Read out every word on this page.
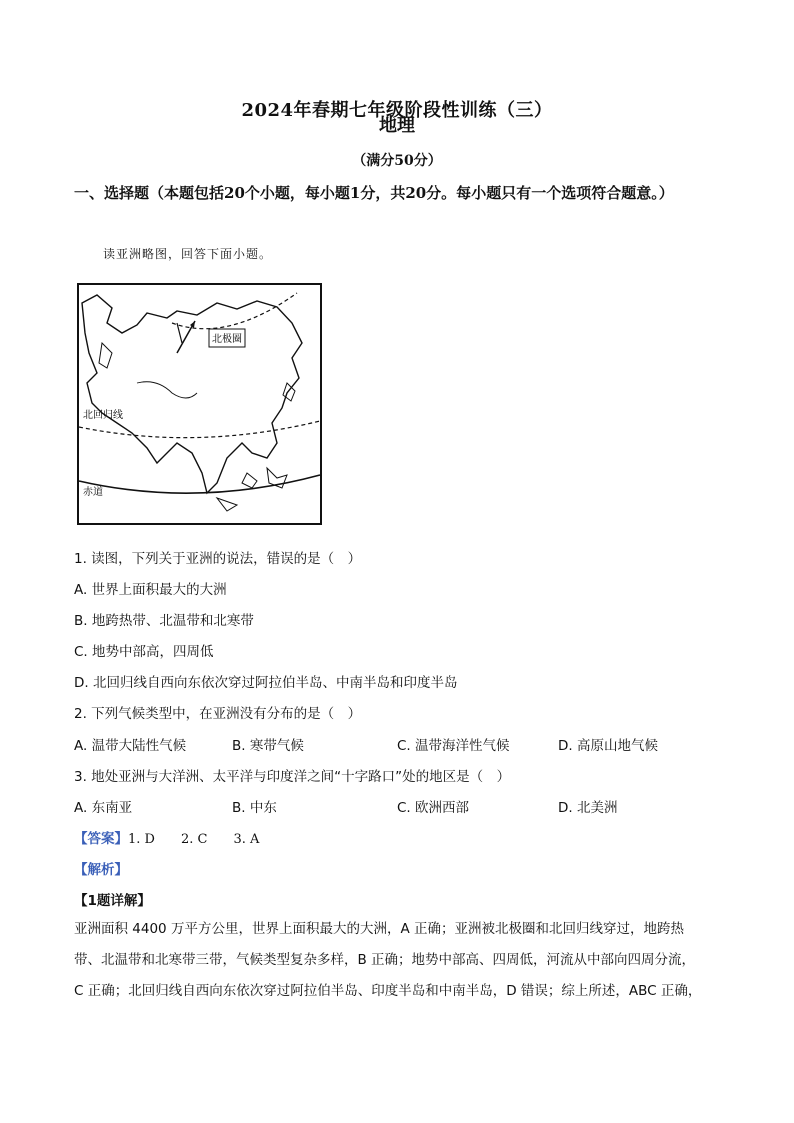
2024年春期七年级阶段性训练（三）
地理
（满分50分）
一、选择题（本题包括20个小题，每小题1分，共20分。每小题只有一个选项符合题意。）
读亚洲略图，回答下面小题。
北极圈
北回归线
赤道
1. 读图，下列关于亚洲的说法，错误的是（　）
A. 世界上面积最大的大洲
B. 地跨热带、北温带和北寒带
C. 地势中部高，四周低
D. 北回归线自西向东依次穿过阿拉伯半岛、中南半岛和印度半岛
2. 下列气候类型中，在亚洲没有分布的是（　）
A. 温带大陆性气候	B. 寒带气候	C. 温带海洋性气候	D. 高原山地气候
3. 地处亚洲与大洋洲、太平洋与印度洋之间“十字路口”处的地区是（　）
A. 东南亚	B. 中东	C. 欧洲西部	D. 北美洲
【答案】1. D　　2. C　　3. A
【解析】
【1题详解】
亚洲面积 4400 万平方公里，世界上面积最大的大洲，A 正确；亚洲被北极圈和北回归线穿过，地跨热
带、北温带和北寒带三带，气候类型复杂多样，B 正确；地势中部高、四周低，河流从中部向四周分流，
C 正确；北回归线自西向东依次穿过阿拉伯半岛、印度半岛和中南半岛，D 错误；综上所述，ABC 正确，
